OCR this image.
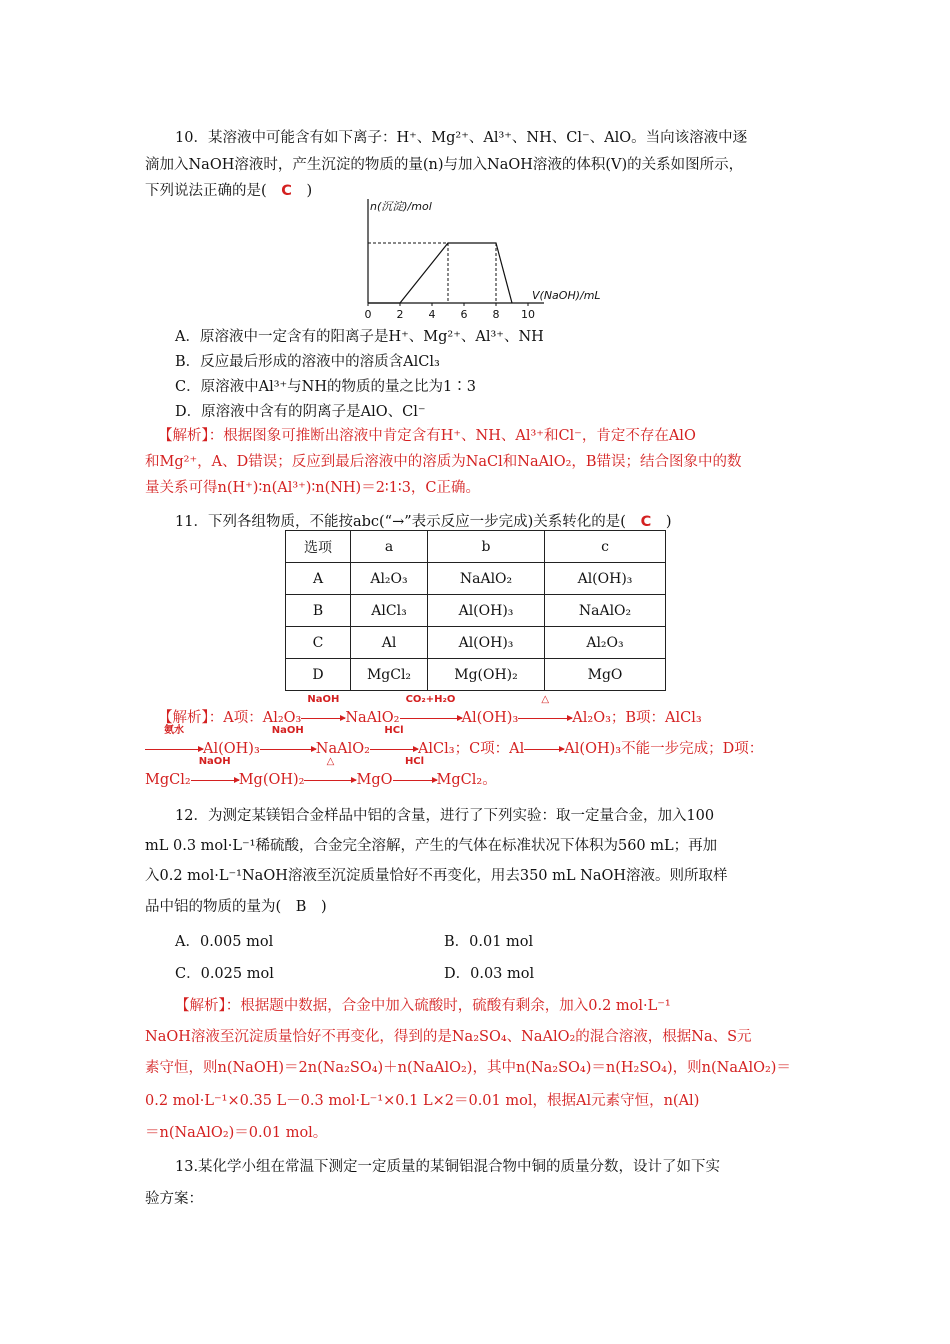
10．某溶液中可能含有如下离子：H⁺、Mg²⁺、Al³⁺、NH、Cl⁻、AlO。当向该溶液中逐
滴加入NaOH溶液时，产生沉淀的物质的量(n)与加入NaOH溶液的体积(V)的关系如图所示，
下列说法正确的是( C )
n(沉淀)/mol
V(NaOH)/mL
0 2 4 6 8 10
A．原溶液中一定含有的阳离子是H⁺、Mg²⁺、Al³⁺、NH
B．反应最后形成的溶液中的溶质含AlCl₃
C．原溶液中Al³⁺与NH的物质的量之比为1∶3
D．原溶液中含有的阴离子是AlO、Cl⁻
【解析】：根据图象可推断出溶液中肯定含有H⁺、NH、Al³⁺和Cl⁻，肯定不存在AlO
和Mg²⁺，A、D错误；反应到最后溶液中的溶质为NaCl和NaAlO₂，B错误；结合图象中的数
量关系可得n(H⁺)∶n(Al³⁺)∶n(NH)＝2∶1∶3，C正确。
11．下列各组物质，不能按abc(“→”表示反应一步完成)关系转化的是( C )
选项	a	b	c
A	Al₂O₃	NaAlO₂	Al(OH)₃
B	AlCl₃	Al(OH)₃	NaAlO₂
C	Al	Al(OH)₃	Al₂O₃
D	MgCl₂	Mg(OH)₂	MgO
【解析】：A项：Al₂O₃
NaOH
NaAlO₂
CO₂+H₂O
Al(OH)₃
△
Al₂O₃；B项：AlCl₃
氨水
Al(OH)₃
NaOH
NaAlO₂
HCl
AlCl₃；C项：Al→Al(OH)₃不能一步完成；D项：
MgCl₂
NaOH
Mg(OH)₂
△
MgO
HCl
MgCl₂。
12．为测定某镁铝合金样品中铝的含量，进行了下列实验：取一定量合金，加入100
mL 0.3 mol·L⁻¹稀硫酸，合金完全溶解，产生的气体在标准状况下体积为560 mL；再加
入0.2 mol·L⁻¹NaOH溶液至沉淀质量恰好不再变化，用去350 mL NaOH溶液。则所取样
品中铝的物质的量为( B )
A．0.005 mol	B．0.01 mol
C．0.025 mol	D．0.03 mol
【解析】：根据题中数据，合金中加入硫酸时，硫酸有剩余，加入0.2 mol·L⁻¹
NaOH溶液至沉淀质量恰好不再变化，得到的是Na₂SO₄、NaAlO₂的混合溶液，根据Na、S元
素守恒，则n(NaOH)＝2n(Na₂SO₄)＋n(NaAlO₂)，其中n(Na₂SO₄)＝n(H₂SO₄)，则n(NaAlO₂)＝
0.2 mol·L⁻¹×0.35 L－0.3 mol·L⁻¹×0.1 L×2＝0.01 mol，根据Al元素守恒，n(Al)
＝n(NaAlO₂)＝0.01 mol。
13.某化学小组在常温下测定一定质量的某铜铝混合物中铜的质量分数，设计了如下实
验方案：
